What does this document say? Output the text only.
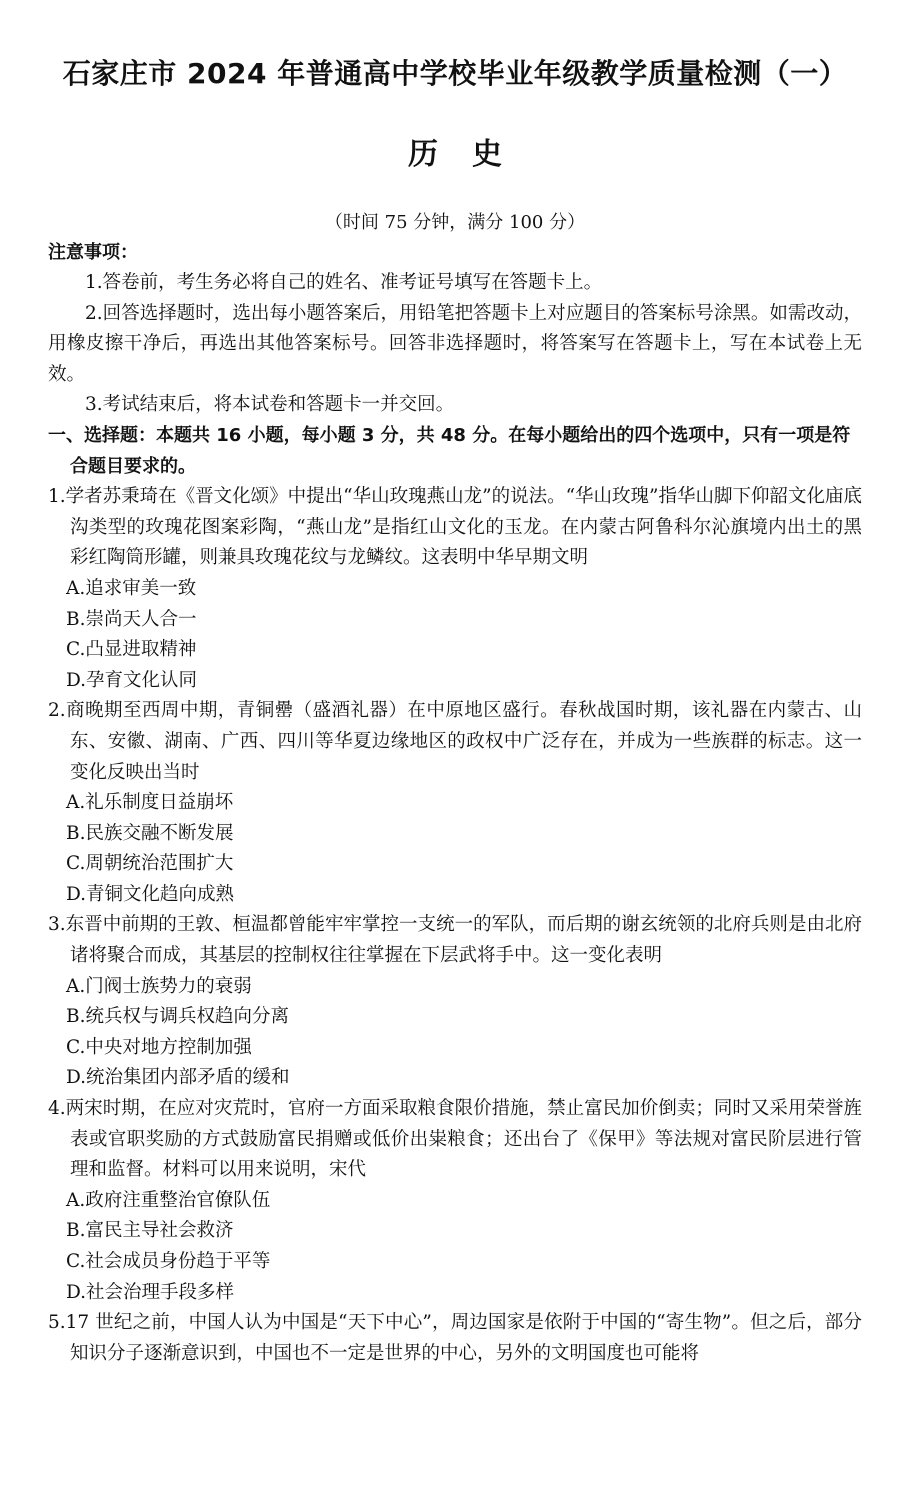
石家庄市 2024 年普通高中学校毕业年级教学质量检测（一）
历史
（时间 75 分钟，满分 100 分）
注意事项：
1.答卷前，考生务必将自己的姓名、准考证号填写在答题卡上。
2.回答选择题时，选出每小题答案后，用铅笔把答题卡上对应题目的答案标号涂黑。如需改动，用橡皮擦干净后，再选出其他答案标号。回答非选择题时，将答案写在答题卡上，写在本试卷上无效。
3.考试结束后，将本试卷和答题卡一并交回。
一、选择题：本题共 16 小题，每小题 3 分，共 48 分。在每小题给出的四个选项中，只有一项是符合题目要求的。
1.学者苏秉琦在《晋文化颂》中提出“华山玫瑰燕山龙”的说法。“华山玫瑰”指华山脚下仰韶文化庙底沟类型的玫瑰花图案彩陶，“燕山龙”是指红山文化的玉龙。在内蒙古阿鲁科尔沁旗境内出土的黑彩红陶筒形罐，则兼具玫瑰花纹与龙鳞纹。这表明中华早期文明
A.追求审美一致
B.崇尚天人合一
C.凸显进取精神
D.孕育文化认同
2.商晚期至西周中期，青铜罍（盛酒礼器）在中原地区盛行。春秋战国时期，该礼器在内蒙古、山东、安徽、湖南、广西、四川等华夏边缘地区的政权中广泛存在，并成为一些族群的标志。这一变化反映出当时
A.礼乐制度日益崩坏
B.民族交融不断发展
C.周朝统治范围扩大
D.青铜文化趋向成熟
3.东晋中前期的王敦、桓温都曾能牢牢掌控一支统一的军队，而后期的谢玄统领的北府兵则是由北府诸将聚合而成，其基层的控制权往往掌握在下层武将手中。这一变化表明
A.门阀士族势力的衰弱
B.统兵权与调兵权趋向分离
C.中央对地方控制加强
D.统治集团内部矛盾的缓和
4.两宋时期，在应对灾荒时，官府一方面采取粮食限价措施，禁止富民加价倒卖；同时又采用荣誉旌表或官职奖励的方式鼓励富民捐赠或低价出粜粮食；还出台了《保甲》等法规对富民阶层进行管理和监督。材料可以用来说明，宋代
A.政府注重整治官僚队伍
B.富民主导社会救济
C.社会成员身份趋于平等
D.社会治理手段多样
5.17 世纪之前，中国人认为中国是“天下中心”，周边国家是依附于中国的“寄生物”。但之后，部分知识分子逐渐意识到，中国也不一定是世界的中心，另外的文明国度也可能将
